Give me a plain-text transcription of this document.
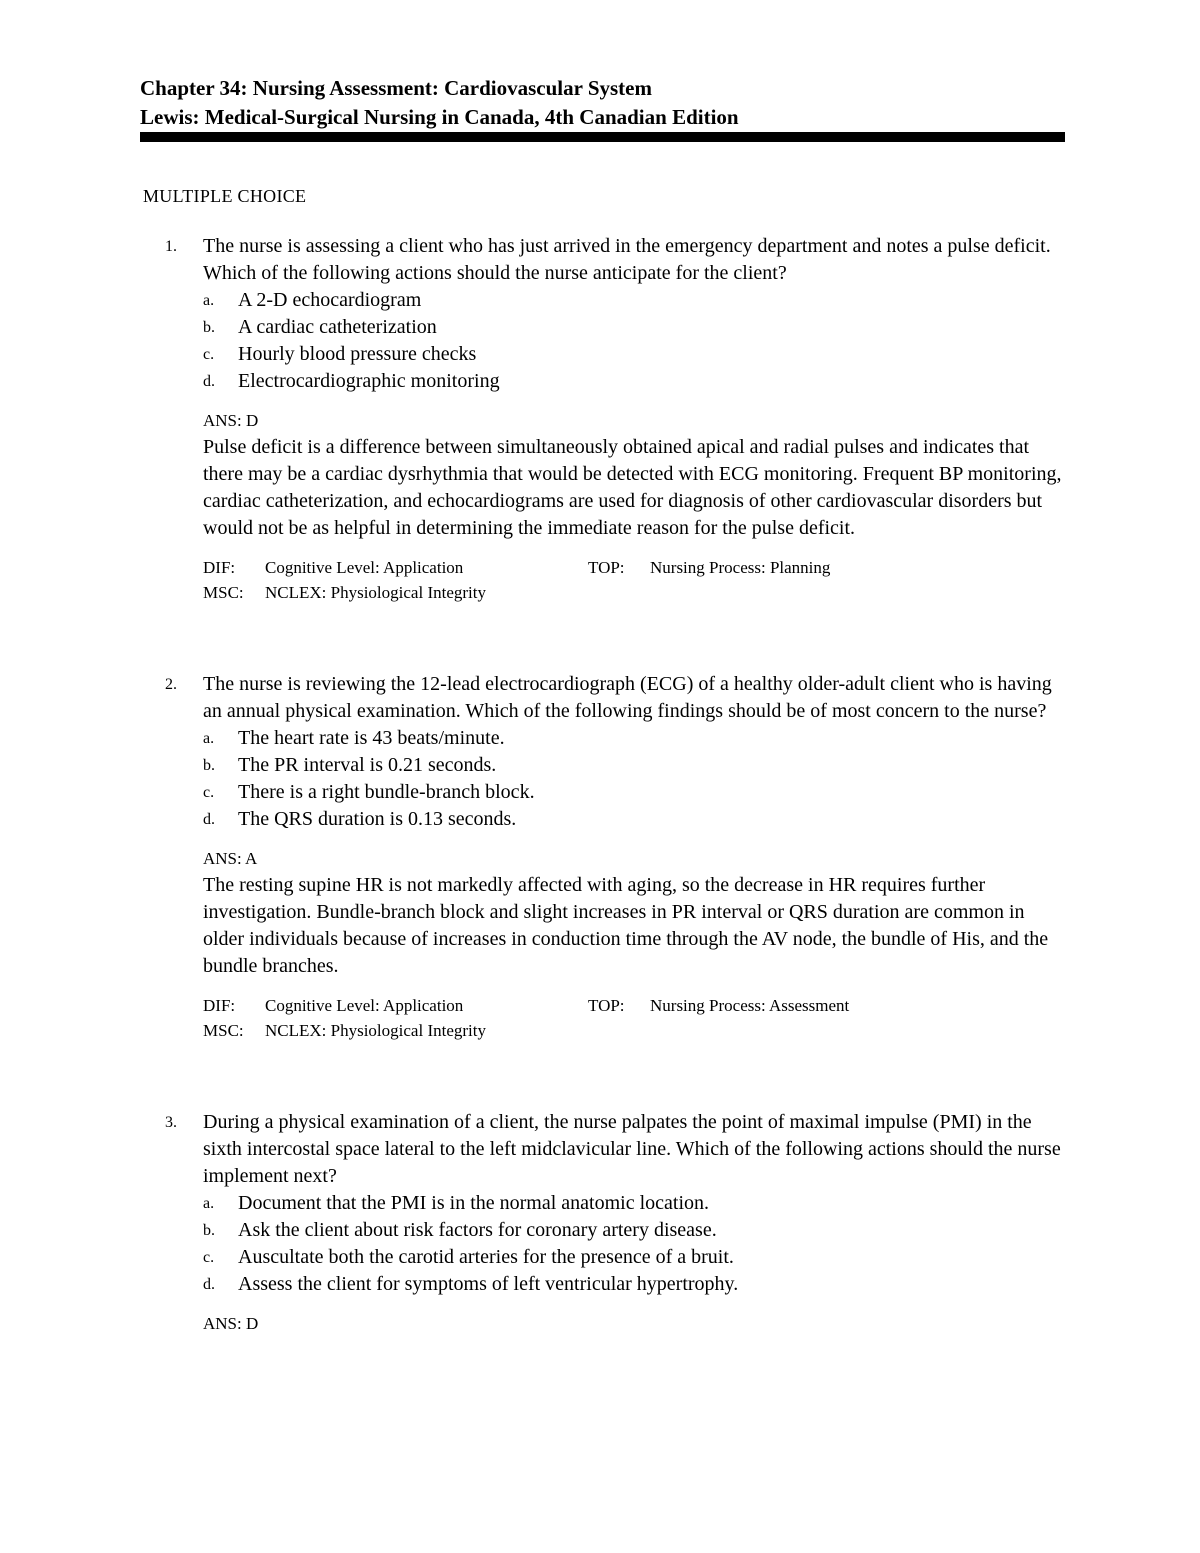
Chapter 34: Nursing Assessment: Cardiovascular System
Lewis: Medical-Surgical Nursing in Canada, 4th Canadian Edition
MULTIPLE CHOICE
1. The nurse is assessing a client who has just arrived in the emergency department and notes a pulse deficit. Which of the following actions should the nurse anticipate for the client?
a. A 2-D echocardiogram
b. A cardiac catheterization
c. Hourly blood pressure checks
d. Electrocardiographic monitoring
ANS: D
Pulse deficit is a difference between simultaneously obtained apical and radial pulses and indicates that there may be a cardiac dysrhythmia that would be detected with ECG monitoring. Frequent BP monitoring, cardiac catheterization, and echocardiograms are used for diagnosis of other cardiovascular disorders but would not be as helpful in determining the immediate reason for the pulse deficit.
DIF: Cognitive Level: Application	TOP: Nursing Process: Planning
MSC: NCLEX: Physiological Integrity
2. The nurse is reviewing the 12-lead electrocardiograph (ECG) of a healthy older-adult client who is having an annual physical examination. Which of the following findings should be of most concern to the nurse?
a. The heart rate is 43 beats/minute.
b. The PR interval is 0.21 seconds.
c. There is a right bundle-branch block.
d. The QRS duration is 0.13 seconds.
ANS: A
The resting supine HR is not markedly affected with aging, so the decrease in HR requires further investigation. Bundle-branch block and slight increases in PR interval or QRS duration are common in older individuals because of increases in conduction time through the AV node, the bundle of His, and the bundle branches.
DIF: Cognitive Level: Application	TOP: Nursing Process: Assessment
MSC: NCLEX: Physiological Integrity
3. During a physical examination of a client, the nurse palpates the point of maximal impulse (PMI) in the sixth intercostal space lateral to the left midclavicular line. Which of the following actions should the nurse implement next?
a. Document that the PMI is in the normal anatomic location.
b. Ask the client about risk factors for coronary artery disease.
c. Auscultate both the carotid arteries for the presence of a bruit.
d. Assess the client for symptoms of left ventricular hypertrophy.
ANS: D
